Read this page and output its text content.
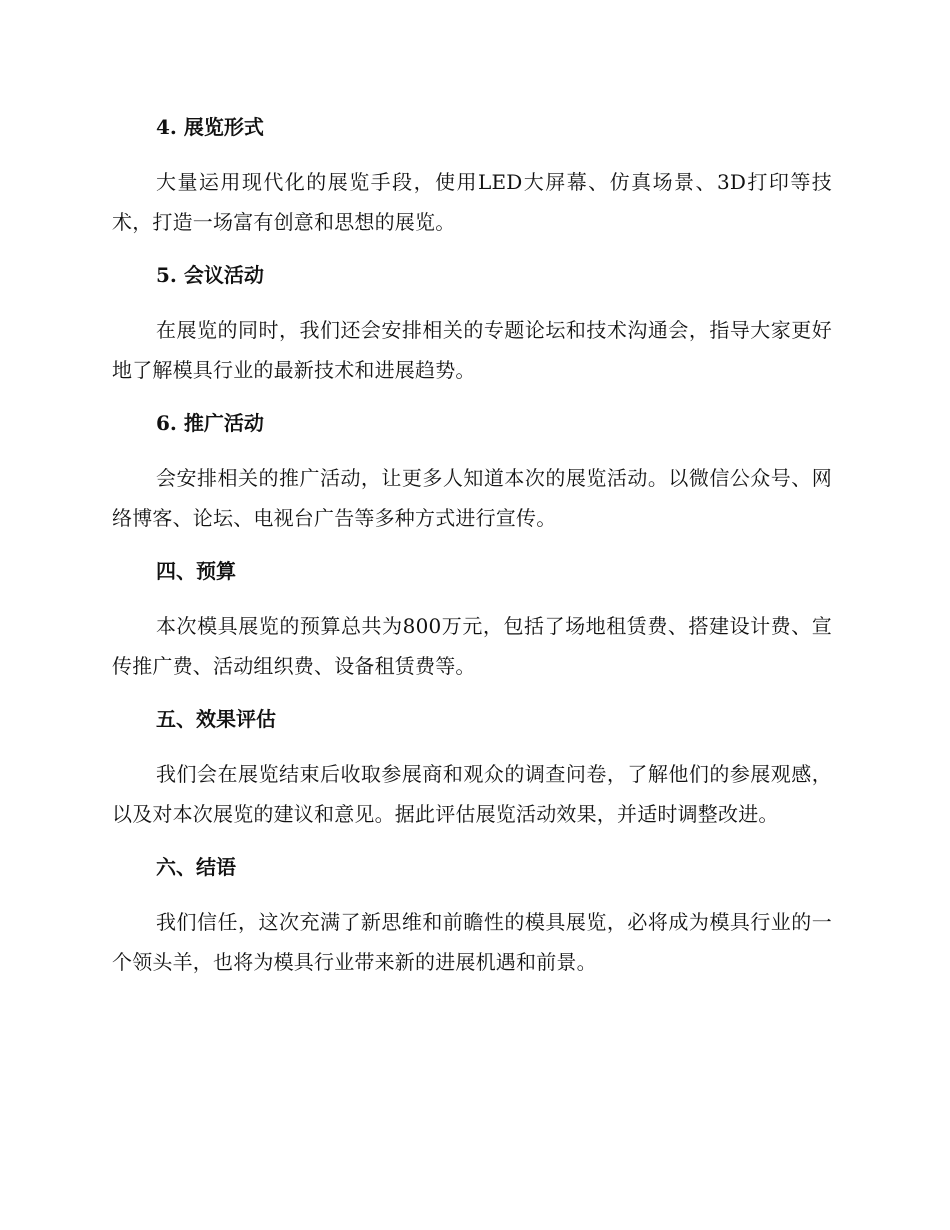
4. 展览形式

大量运用现代化的展览手段，使用LED大屏幕、仿真场景、3D打印等技术，打造一场富有创意和思想的展览。

5. 会议活动

在展览的同时，我们还会安排相关的专题论坛和技术沟通会，指导大家更好地了解模具行业的最新技术和进展趋势。

6. 推广活动

会安排相关的推广活动，让更多人知道本次的展览活动。以微信公众号、网络博客、论坛、电视台广告等多种方式进行宣传。

四、预算

本次模具展览的预算总共为800万元，包括了场地租赁费、搭建设计费、宣传推广费、活动组织费、设备租赁费等。

五、效果评估

我们会在展览结束后收取参展商和观众的调查问卷，了解他们的参展观感，以及对本次展览的建议和意见。据此评估展览活动效果，并适时调整改进。

六、结语

我们信任，这次充满了新思维和前瞻性的模具展览，必将成为模具行业的一个领头羊，也将为模具行业带来新的进展机遇和前景。
